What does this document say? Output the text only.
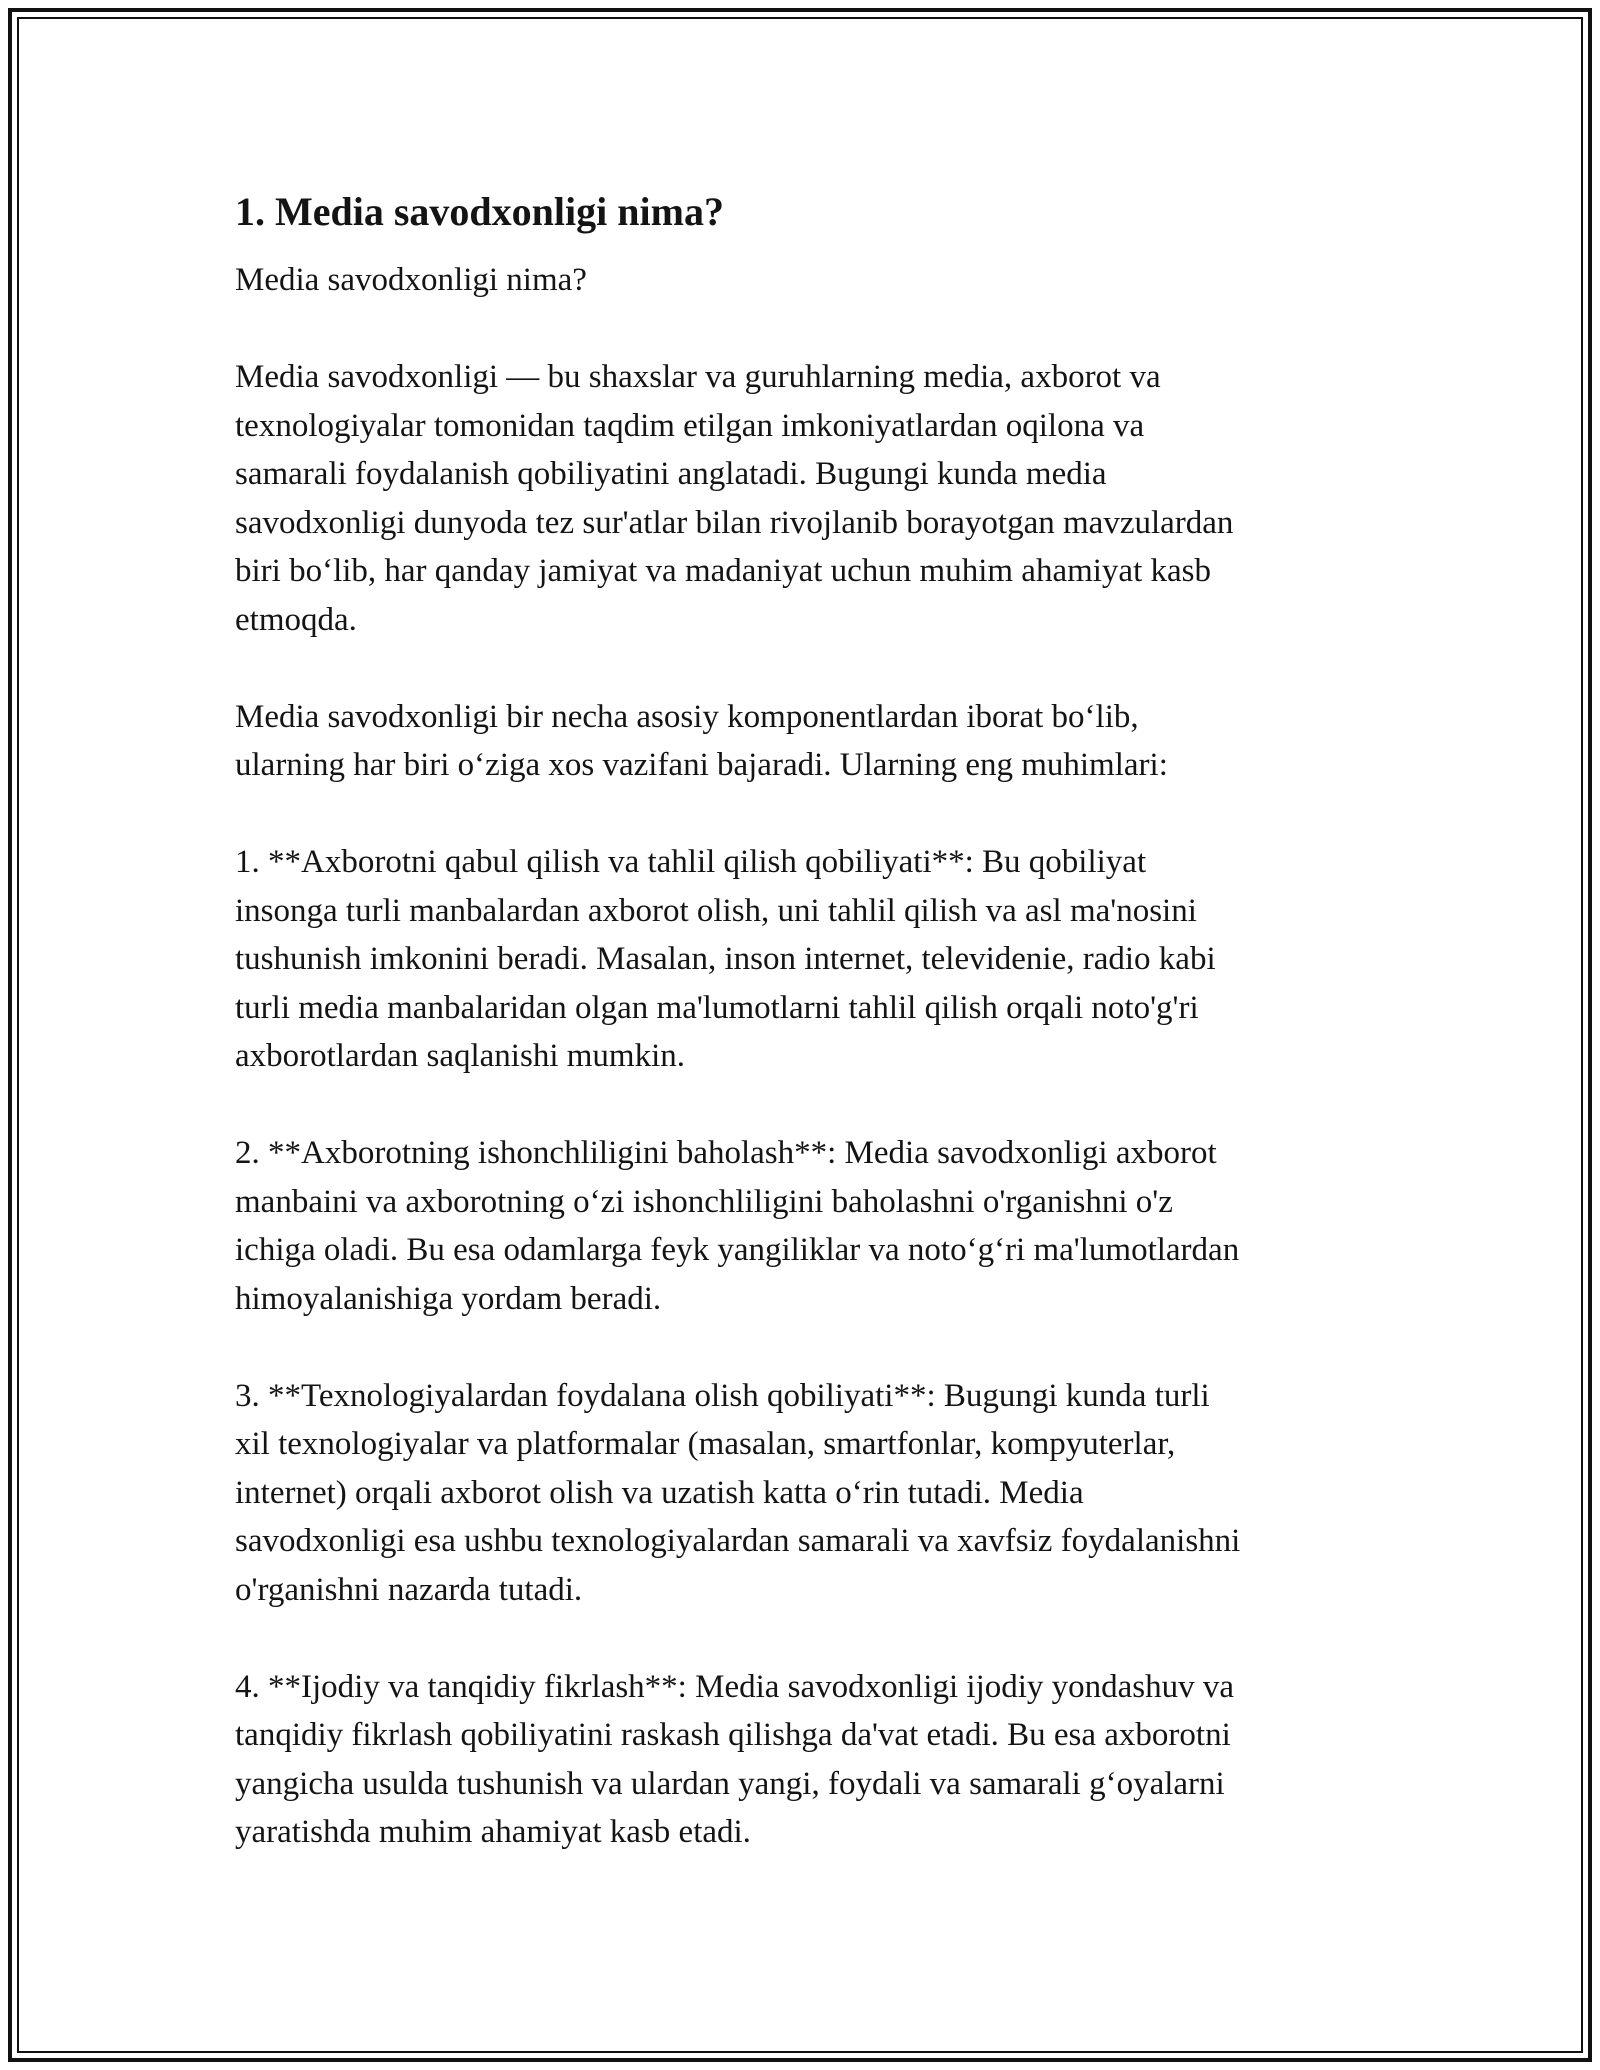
1. Media savodxonligi nima?

Media savodxonligi nima?

Media savodxonligi — bu shaxslar va guruhlarning media, axborot va
texnologiyalar tomonidan taqdim etilgan imkoniyatlardan oqilona va
samarali foydalanish qobiliyatini anglatadi. Bugungi kunda media
savodxonligi dunyoda tez sur'atlar bilan rivojlanib borayotgan mavzulardan
biri bo‘lib, har qanday jamiyat va madaniyat uchun muhim ahamiyat kasb
etmoqda.

Media savodxonligi bir necha asosiy komponentlardan iborat bo‘lib,
ularning har biri o‘ziga xos vazifani bajaradi. Ularning eng muhimlari:

1. **Axborotni qabul qilish va tahlil qilish qobiliyati**: Bu qobiliyat
insonga turli manbalardan axborot olish, uni tahlil qilish va asl ma'nosini
tushunish imkonini beradi. Masalan, inson internet, televidenie, radio kabi
turli media manbalaridan olgan ma'lumotlarni tahlil qilish orqali noto'g'ri
axborotlardan saqlanishi mumkin.

2. **Axborotning ishonchliligini baholash**: Media savodxonligi axborot
manbaini va axborotning o‘zi ishonchliligini baholashni o'rganishni o'z
ichiga oladi. Bu esa odamlarga feyk yangiliklar va noto‘g‘ri ma'lumotlardan
himoyalanishiga yordam beradi.

3. **Texnologiyalardan foydalana olish qobiliyati**: Bugungi kunda turli
xil texnologiyalar va platformalar (masalan, smartfonlar, kompyuterlar,
internet) orqali axborot olish va uzatish katta o‘rin tutadi. Media
savodxonligi esa ushbu texnologiyalardan samarali va xavfsiz foydalanishni
o'rganishni nazarda tutadi.

4. **Ijodiy va tanqidiy fikrlash**: Media savodxonligi ijodiy yondashuv va
tanqidiy fikrlash qobiliyatini raskash qilishga da'vat etadi. Bu esa axborotni
yangicha usulda tushunish va ulardan yangi, foydali va samarali g‘oyalarni
yaratishda muhim ahamiyat kasb etadi.
